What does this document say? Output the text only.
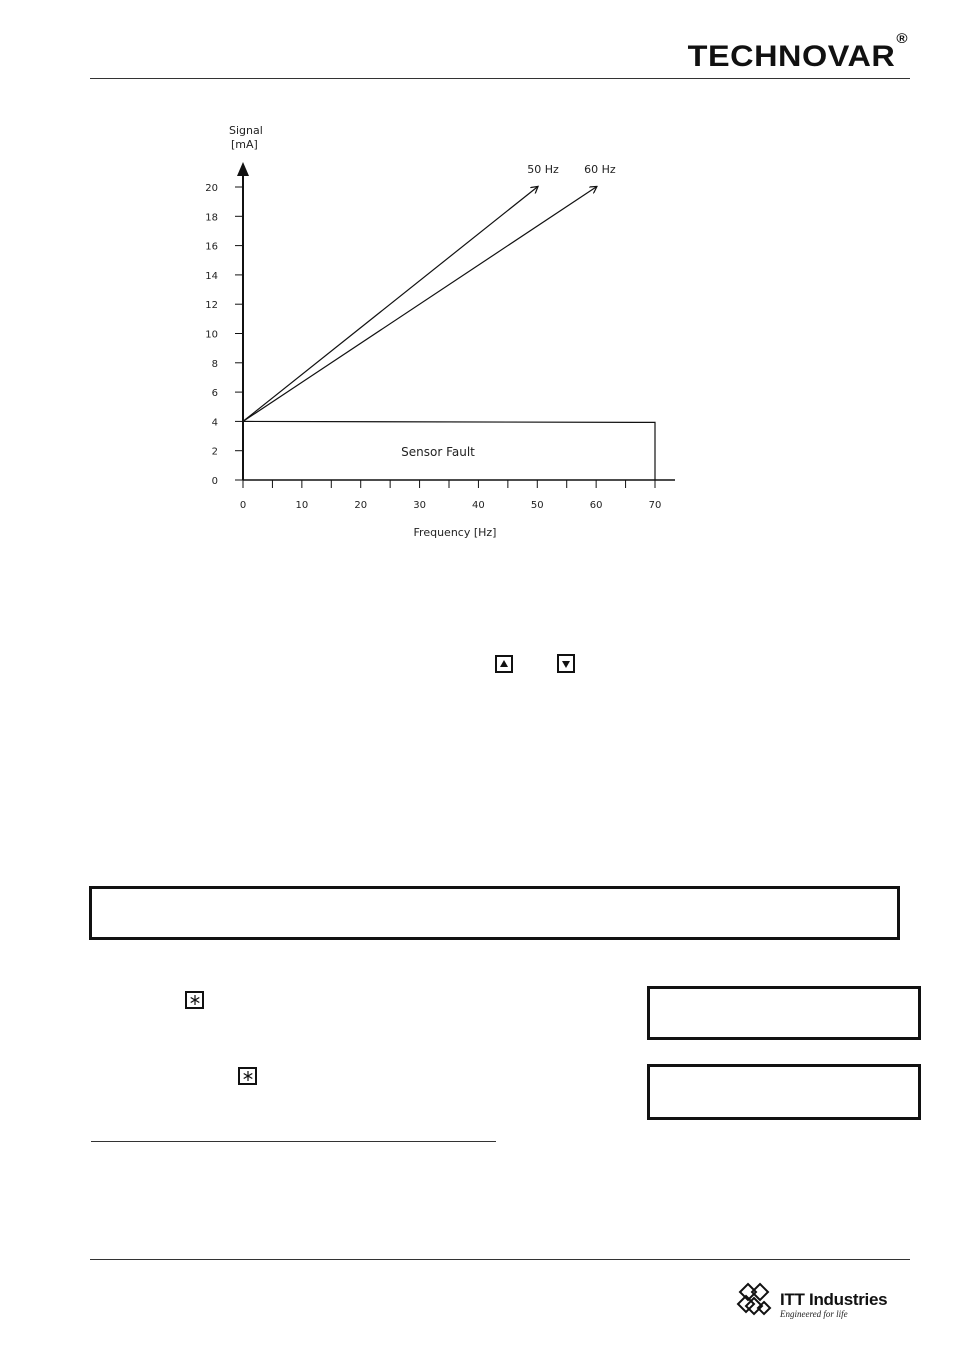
TECHNOVAR®
0	10	20	30	40	50	60	70
0
2
4
6
8
10
12
14
16
18
20
50 Hz 60 Hz
Signal
[mA]
Frequency [Hz]
Sensor Fault
ITT Industries
Engineered for life
